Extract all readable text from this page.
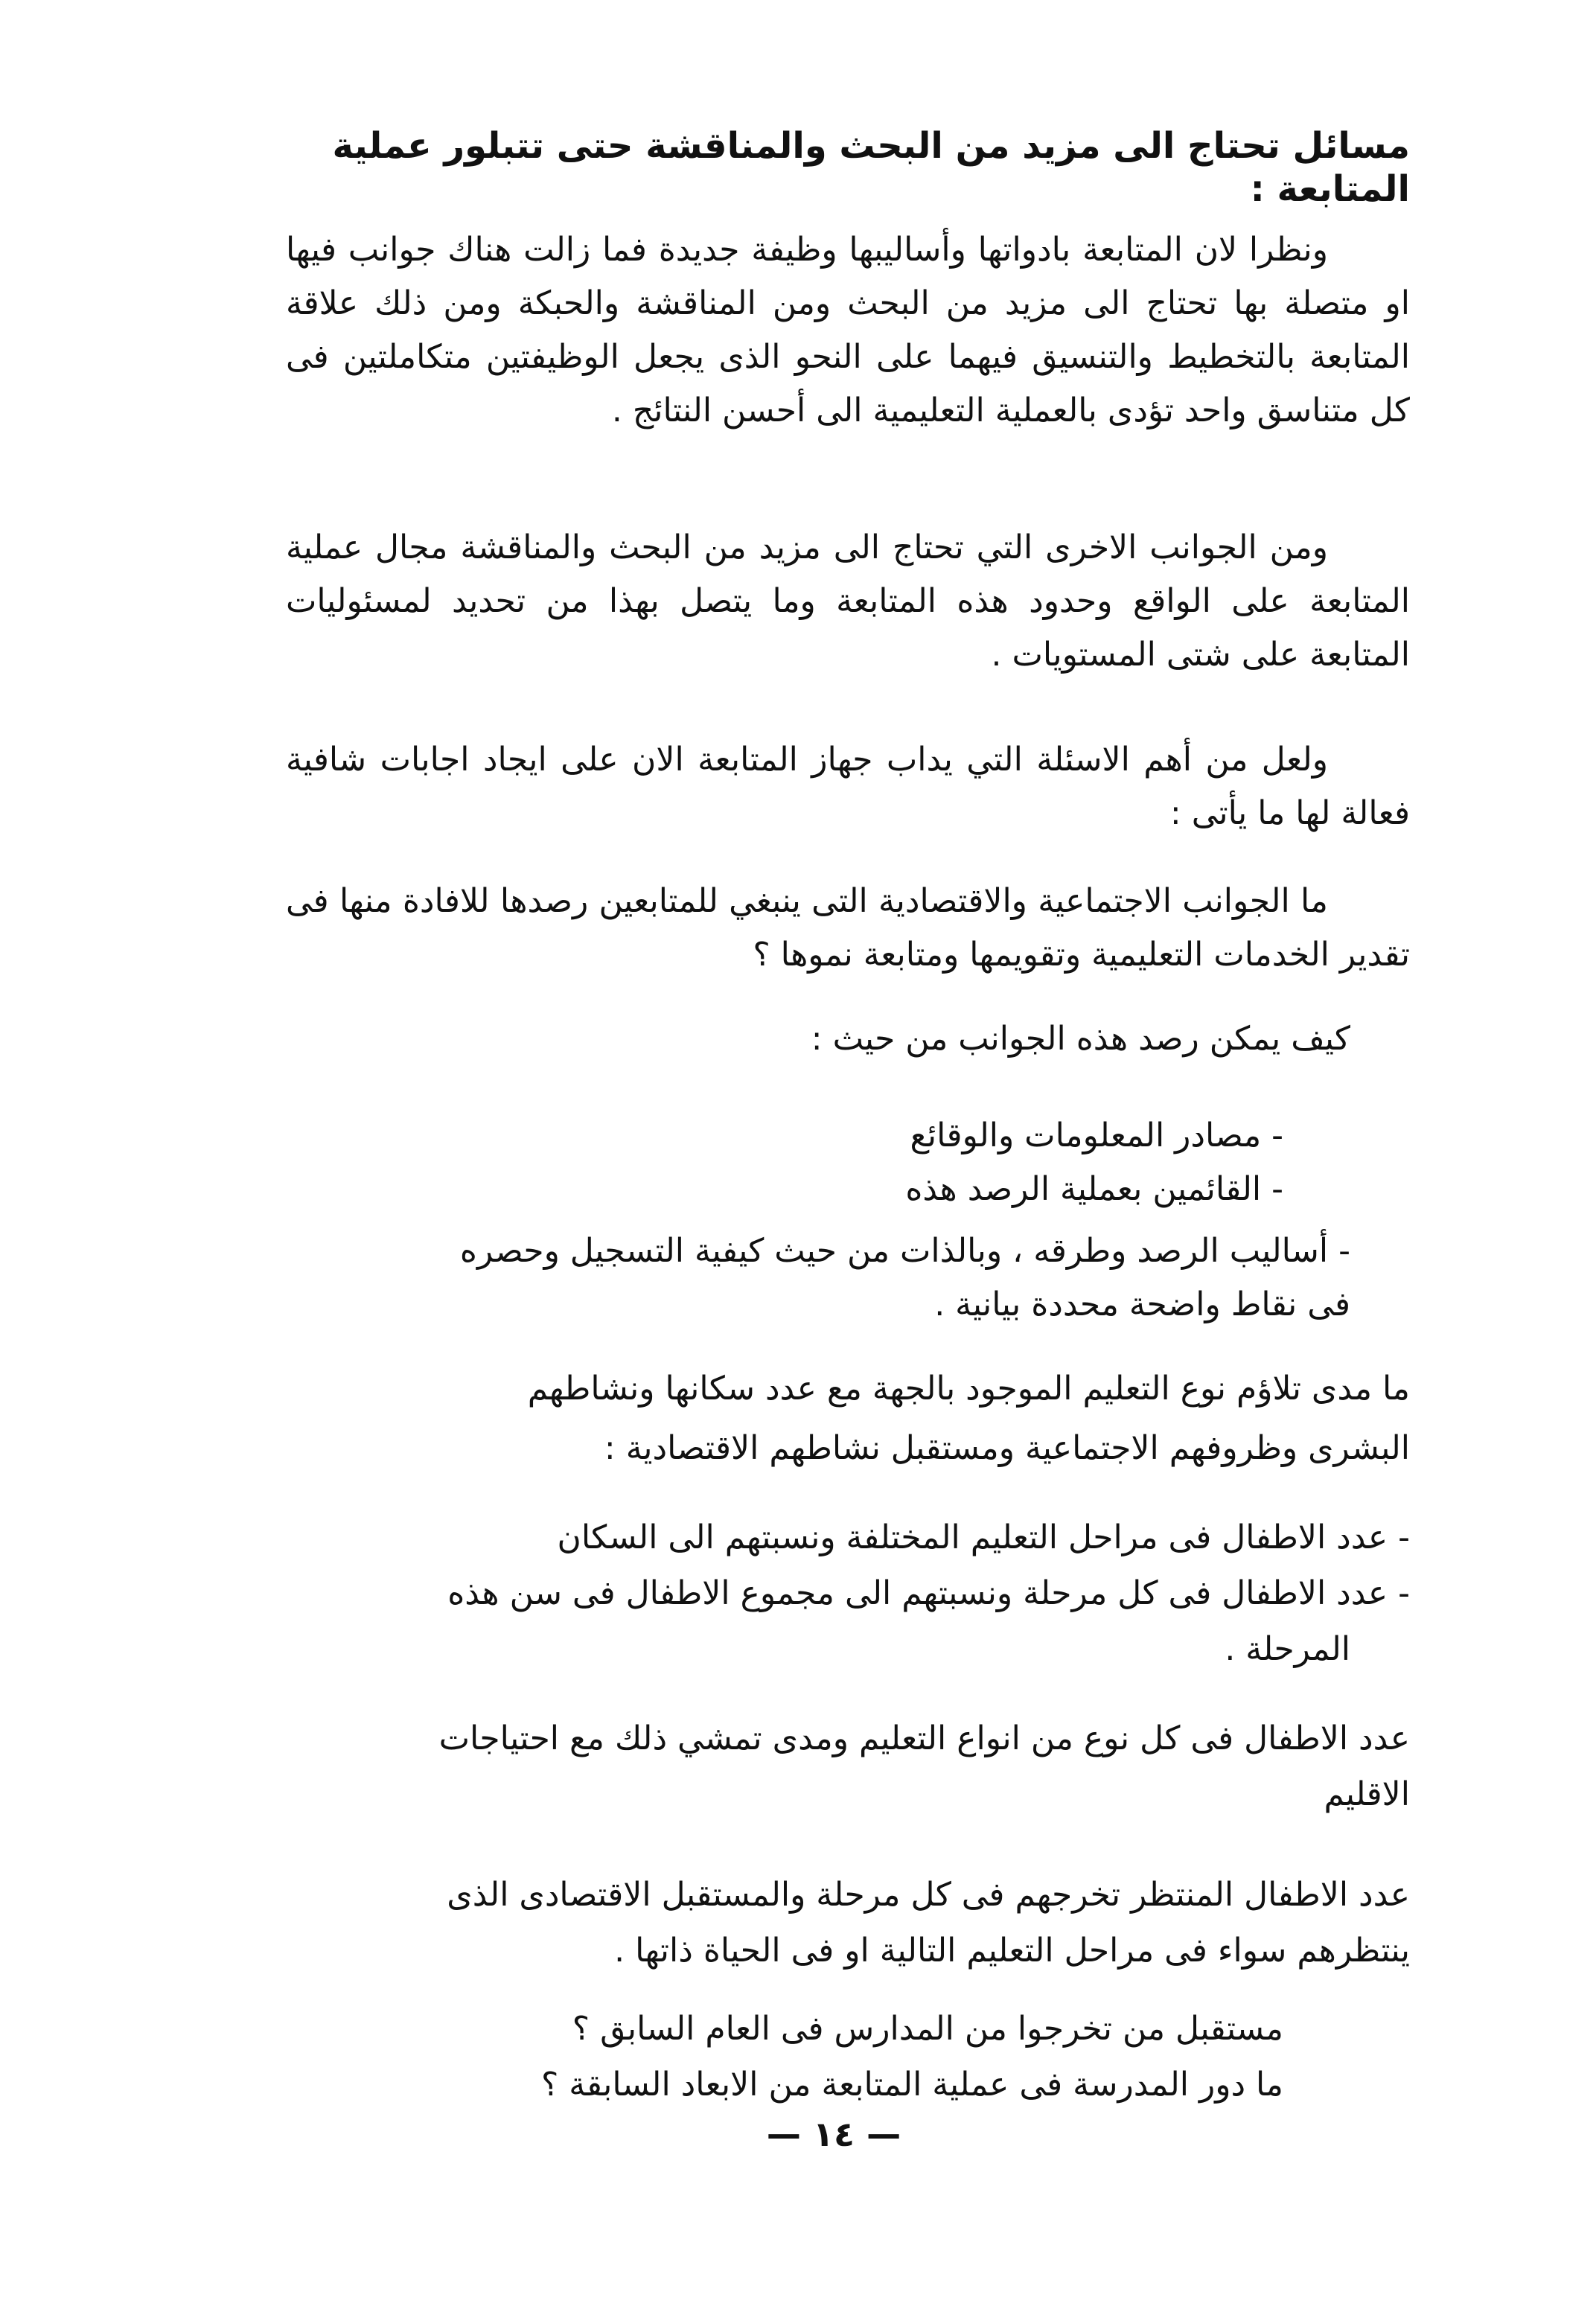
مسائل تحتاج الى مزيد من البحث والمناقشة حتى تتبلور عملية المتابعة :
ونظرا لان المتابعة بادواتها وأساليبها وظيفة جديدة فما زالت هناك جوانب فيها او متصلة بها تحتاج الى مزيد من البحث ومن المناقشة والحبكة ومن ذلك علاقة المتابعة بالتخطيط والتنسيق فيهما على النحو الذى يجعل الوظيفتين متكاملتين فى كل متناسق واحد تؤدى بالعملية التعليمية الى أحسن النتائج .
ومن الجوانب الاخرى التي تحتاج الى مزيد من البحث والمناقشة مجال عملية المتابعة على الواقع وحدود هذه المتابعة وما يتصل بهذا من تحديد لمسئوليات المتابعة على شتى المستويات .
ولعل من أهم الاسئلة التي يداب جهاز المتابعة الان على ايجاد اجابات شافية فعالة لها ما يأتى :
ما الجوانب الاجتماعية والاقتصادية التى ينبغي للمتابعين رصدها للافادة منها فى تقدير الخدمات التعليمية وتقويمها ومتابعة نموها ؟
كيف يمكن رصد هذه الجوانب من حيث :
- مصادر المعلومات والوقائع
- القائمين بعملية الرصد هذه
- أساليب الرصد وطرقه ، وبالذات من حيث كيفية التسجيل وحصره
فى نقاط واضحة محددة بيانية .
ما مدى تلاؤم نوع التعليم الموجود بالجهة مع عدد سكانها ونشاطهم
البشرى وظروفهم الاجتماعية ومستقبل نشاطهم الاقتصادية :
- عدد الاطفال فى مراحل التعليم المختلفة ونسبتهم الى السكان
- عدد الاطفال فى كل مرحلة ونسبتهم الى مجموع الاطفال فى سن هذه
المرحلة .
عدد الاطفال فى كل نوع من انواع التعليم ومدى تمشي ذلك مع احتياجات
الاقليم
عدد الاطفال المنتظر تخرجهم فى كل مرحلة والمستقبل الاقتصادى الذى
ينتظرهم سواء فى مراحل التعليم التالية او فى الحياة ذاتها .
مستقبل من تخرجوا من المدارس فى العام السابق ؟
ما دور المدرسة فى عملية المتابعة من الابعاد السابقة ؟
— ١٤ —
